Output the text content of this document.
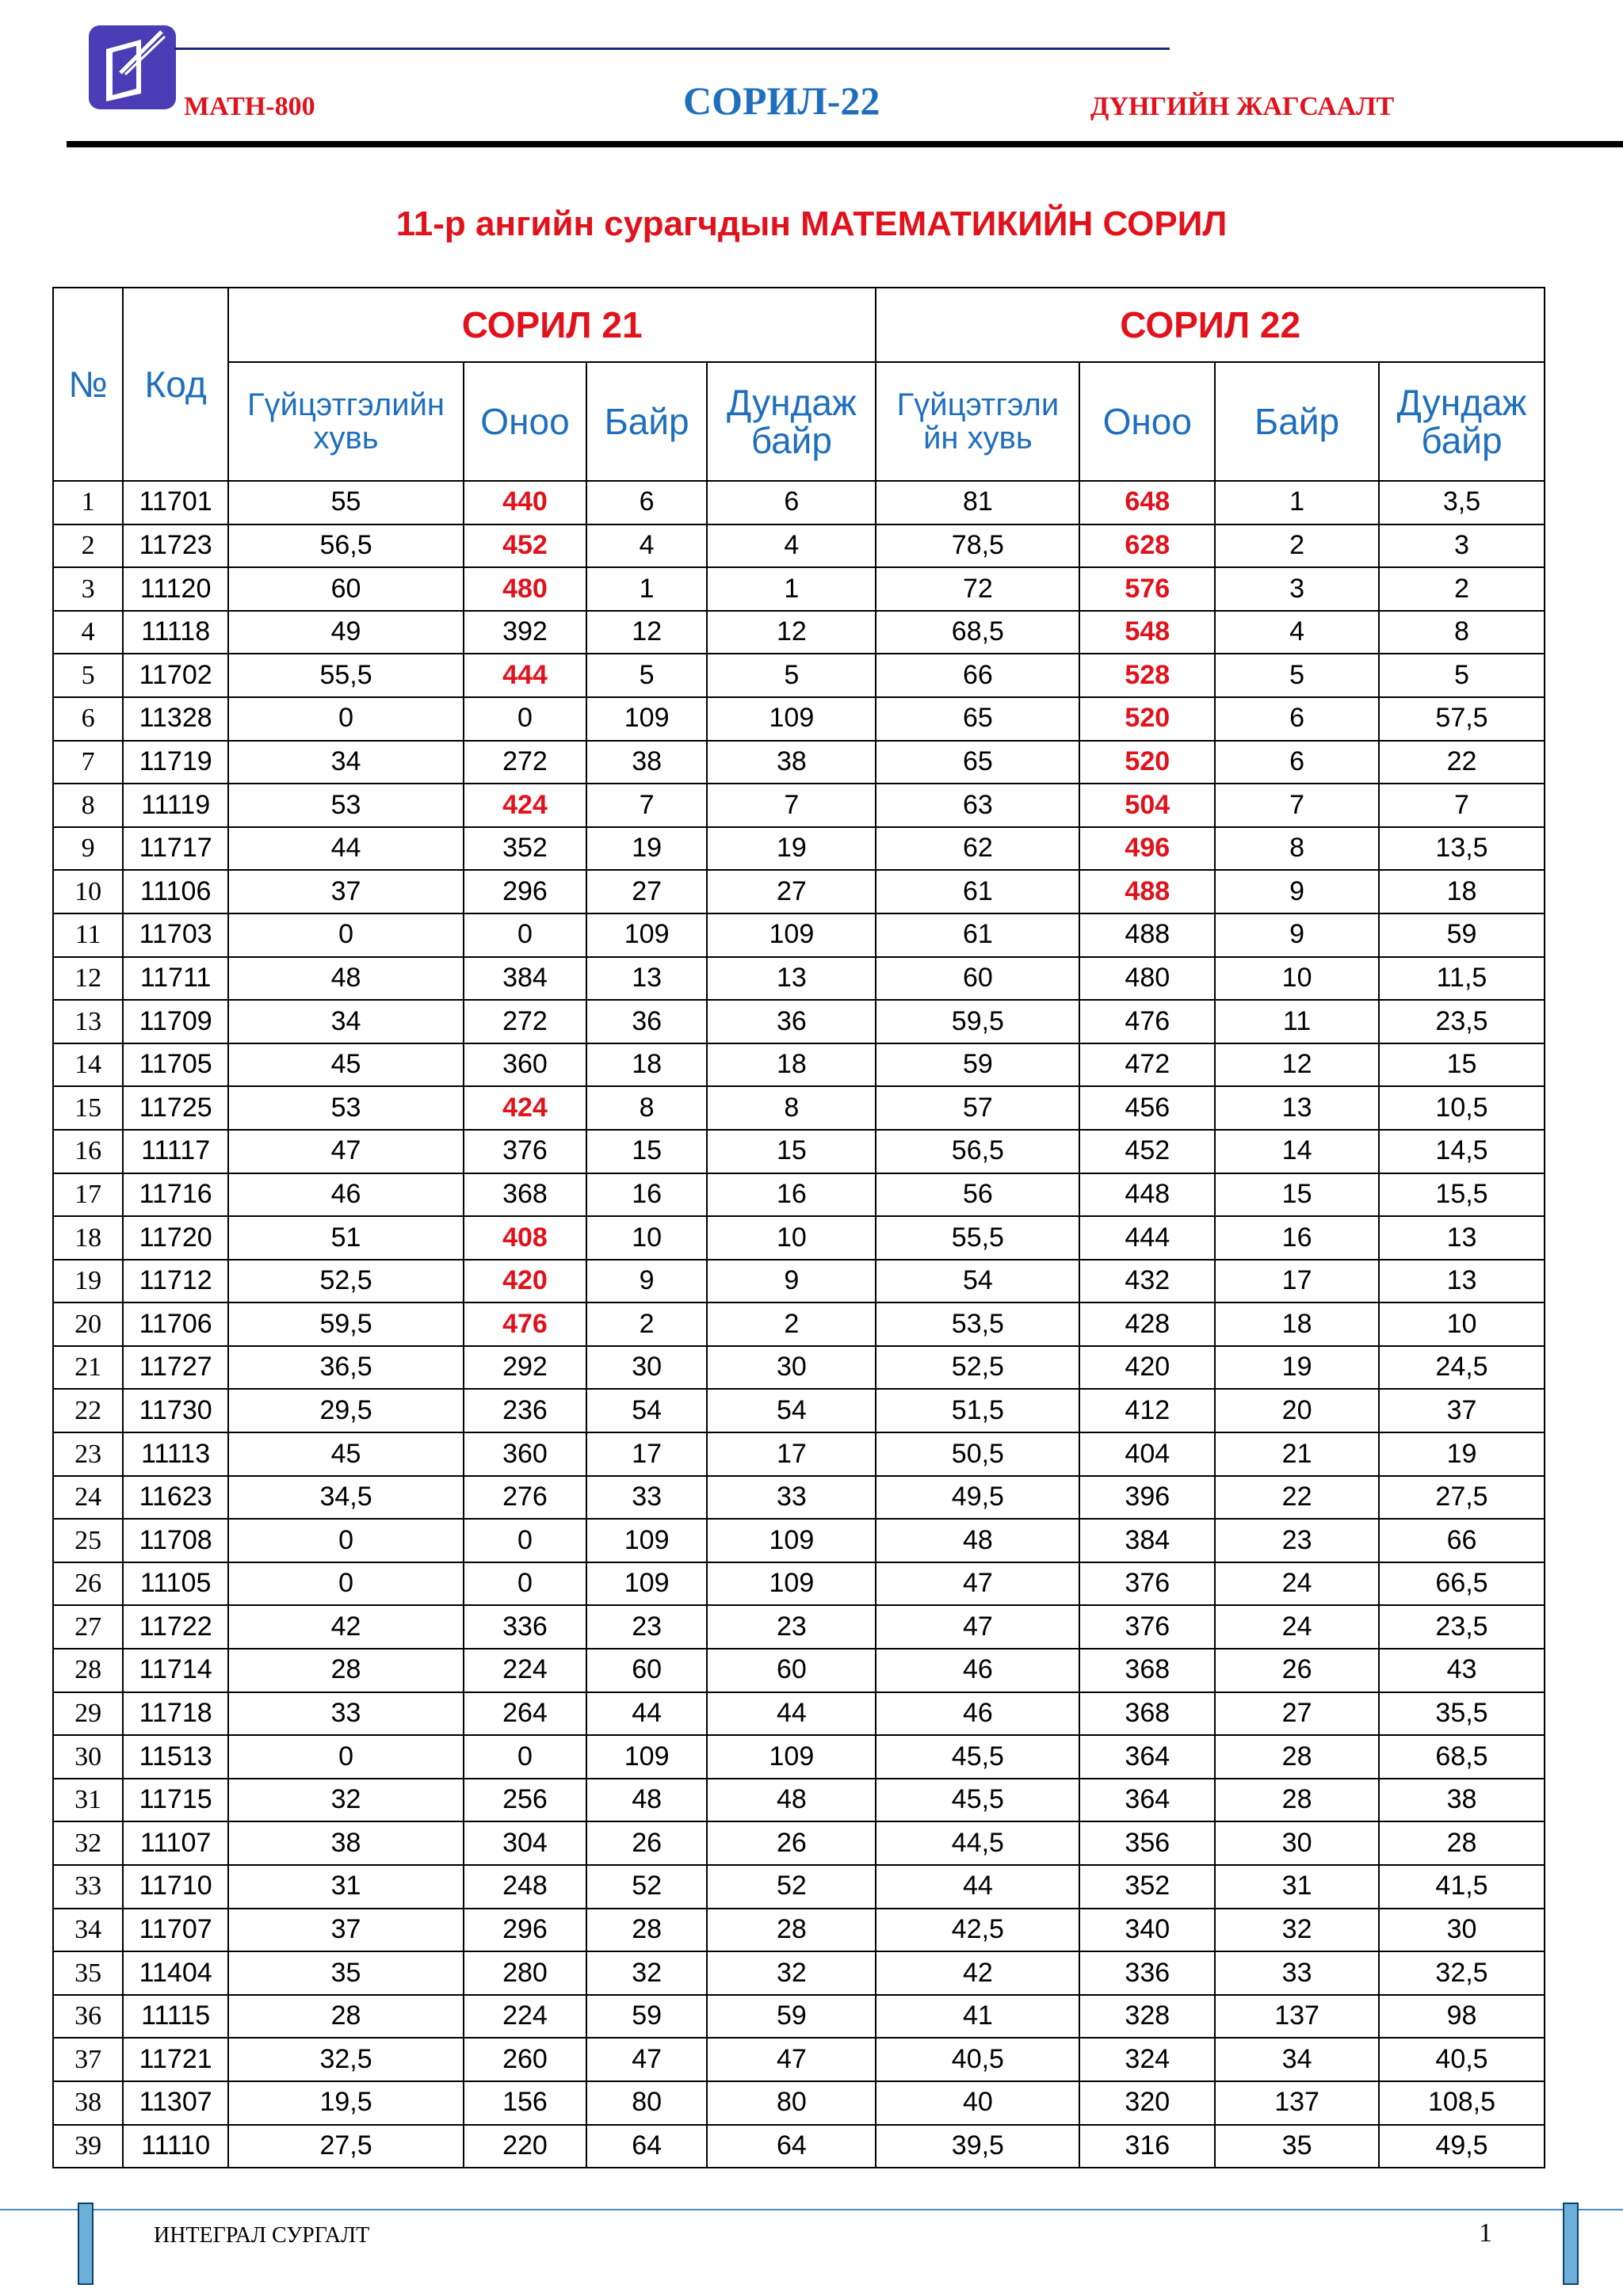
MATH-800	СОРИЛ-22	ДҮНГИЙН ЖАГСААЛТ
11-р ангийн сурагчдын МАТЕМАТИКИЙН СОРИЛ
№	Код	СОРИЛ 21				СОРИЛ 22			
		Гүйцэтгэлийн хувь	Оноо	Байр	Дундаж байр	Гүйцэтгэли йн хувь	Оноо	Байр	Дундаж байр
1	11701	55	440	6	6	81	648	1	3,5
2	11723	56,5	452	4	4	78,5	628	2	3
3	11120	60	480	1	1	72	576	3	2
4	11118	49	392	12	12	68,5	548	4	8
5	11702	55,5	444	5	5	66	528	5	5
6	11328	0	0	109	109	65	520	6	57,5
7	11719	34	272	38	38	65	520	6	22
8	11119	53	424	7	7	63	504	7	7
9	11717	44	352	19	19	62	496	8	13,5
10	11106	37	296	27	27	61	488	9	18
11	11703	0	0	109	109	61	488	9	59
12	11711	48	384	13	13	60	480	10	11,5
13	11709	34	272	36	36	59,5	476	11	23,5
14	11705	45	360	18	18	59	472	12	15
15	11725	53	424	8	8	57	456	13	10,5
16	11117	47	376	15	15	56,5	452	14	14,5
17	11716	46	368	16	16	56	448	15	15,5
18	11720	51	408	10	10	55,5	444	16	13
19	11712	52,5	420	9	9	54	432	17	13
20	11706	59,5	476	2	2	53,5	428	18	10
21	11727	36,5	292	30	30	52,5	420	19	24,5
22	11730	29,5	236	54	54	51,5	412	20	37
23	11113	45	360	17	17	50,5	404	21	19
24	11623	34,5	276	33	33	49,5	396	22	27,5
25	11708	0	0	109	109	48	384	23	66
26	11105	0	0	109	109	47	376	24	66,5
27	11722	42	336	23	23	47	376	24	23,5
28	11714	28	224	60	60	46	368	26	43
29	11718	33	264	44	44	46	368	27	35,5
30	11513	0	0	109	109	45,5	364	28	68,5
31	11715	32	256	48	48	45,5	364	28	38
32	11107	38	304	26	26	44,5	356	30	28
33	11710	31	248	52	52	44	352	31	41,5
34	11707	37	296	28	28	42,5	340	32	30
35	11404	35	280	32	32	42	336	33	32,5
36	11115	28	224	59	59	41	328	137	98
37	11721	32,5	260	47	47	40,5	324	34	40,5
38	11307	19,5	156	80	80	40	320	137	108,5
39	11110	27,5	220	64	64	39,5	316	35	49,5
ИНТЕГРАЛ СУРГАЛТ	1
